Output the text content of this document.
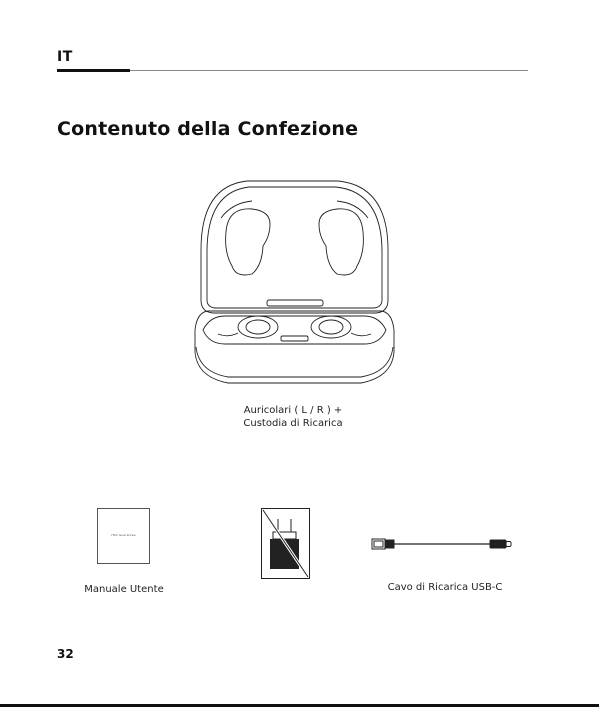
IT
Contenuto della Confezione
Auricolari ( L / R ) +
Custodia di Ricarica
HbX Guarantee
Manuale Utente	Cavo di Ricarica USB-C
32
